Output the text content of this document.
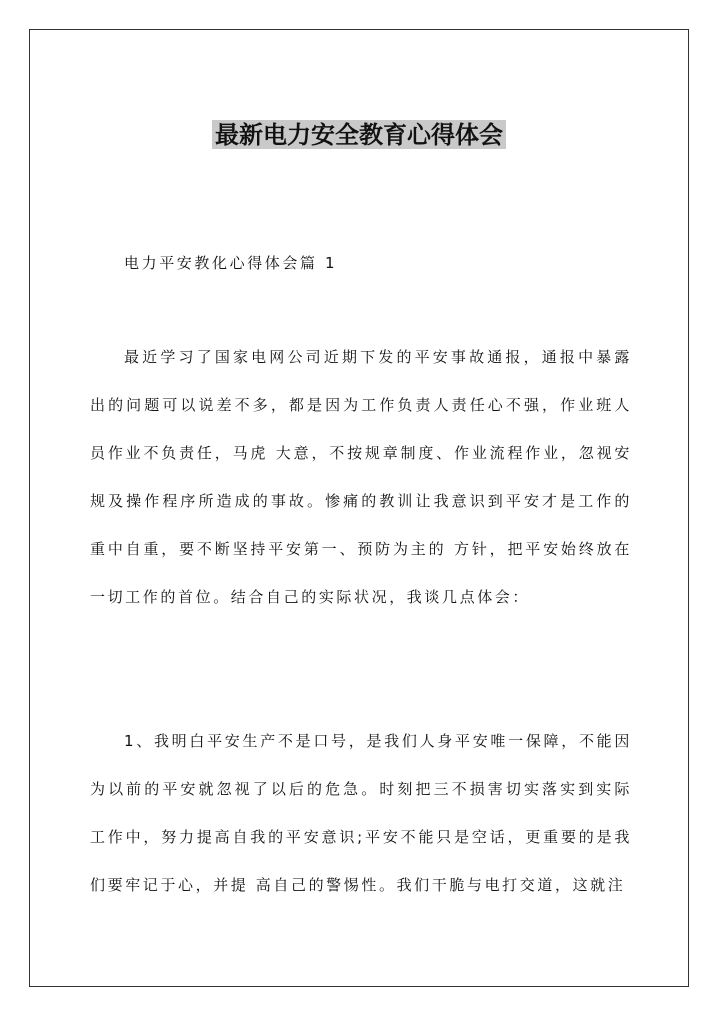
最新电力安全教育心得体会

电力平安教化心得体会篇 1

最近学习了国家电网公司近期下发的平安事故通报，通报中暴露出的问题可以说差不多，都是因为工作负责人责任心不强，作业班人员作业不负责任，马虎 大意，不按规章制度、作业流程作业，忽视安规及操作程序所造成的事故。惨痛的教训让我意识到平安才是工作的重中自重，要不断坚持平安第一、预防为主的 方针，把平安始终放在一切工作的首位。结合自己的实际状况，我谈几点体会：

1、我明白平安生产不是口号，是我们人身平安唯一保障，不能因为以前的平安就忽视了以后的危急。时刻把三不损害切实落实到实际工作中，努力提高自我的平安意识;平安不能只是空话，更重要的是我们要牢记于心，并提 高自己的警惕性。我们干脆与电打交道，这就注
